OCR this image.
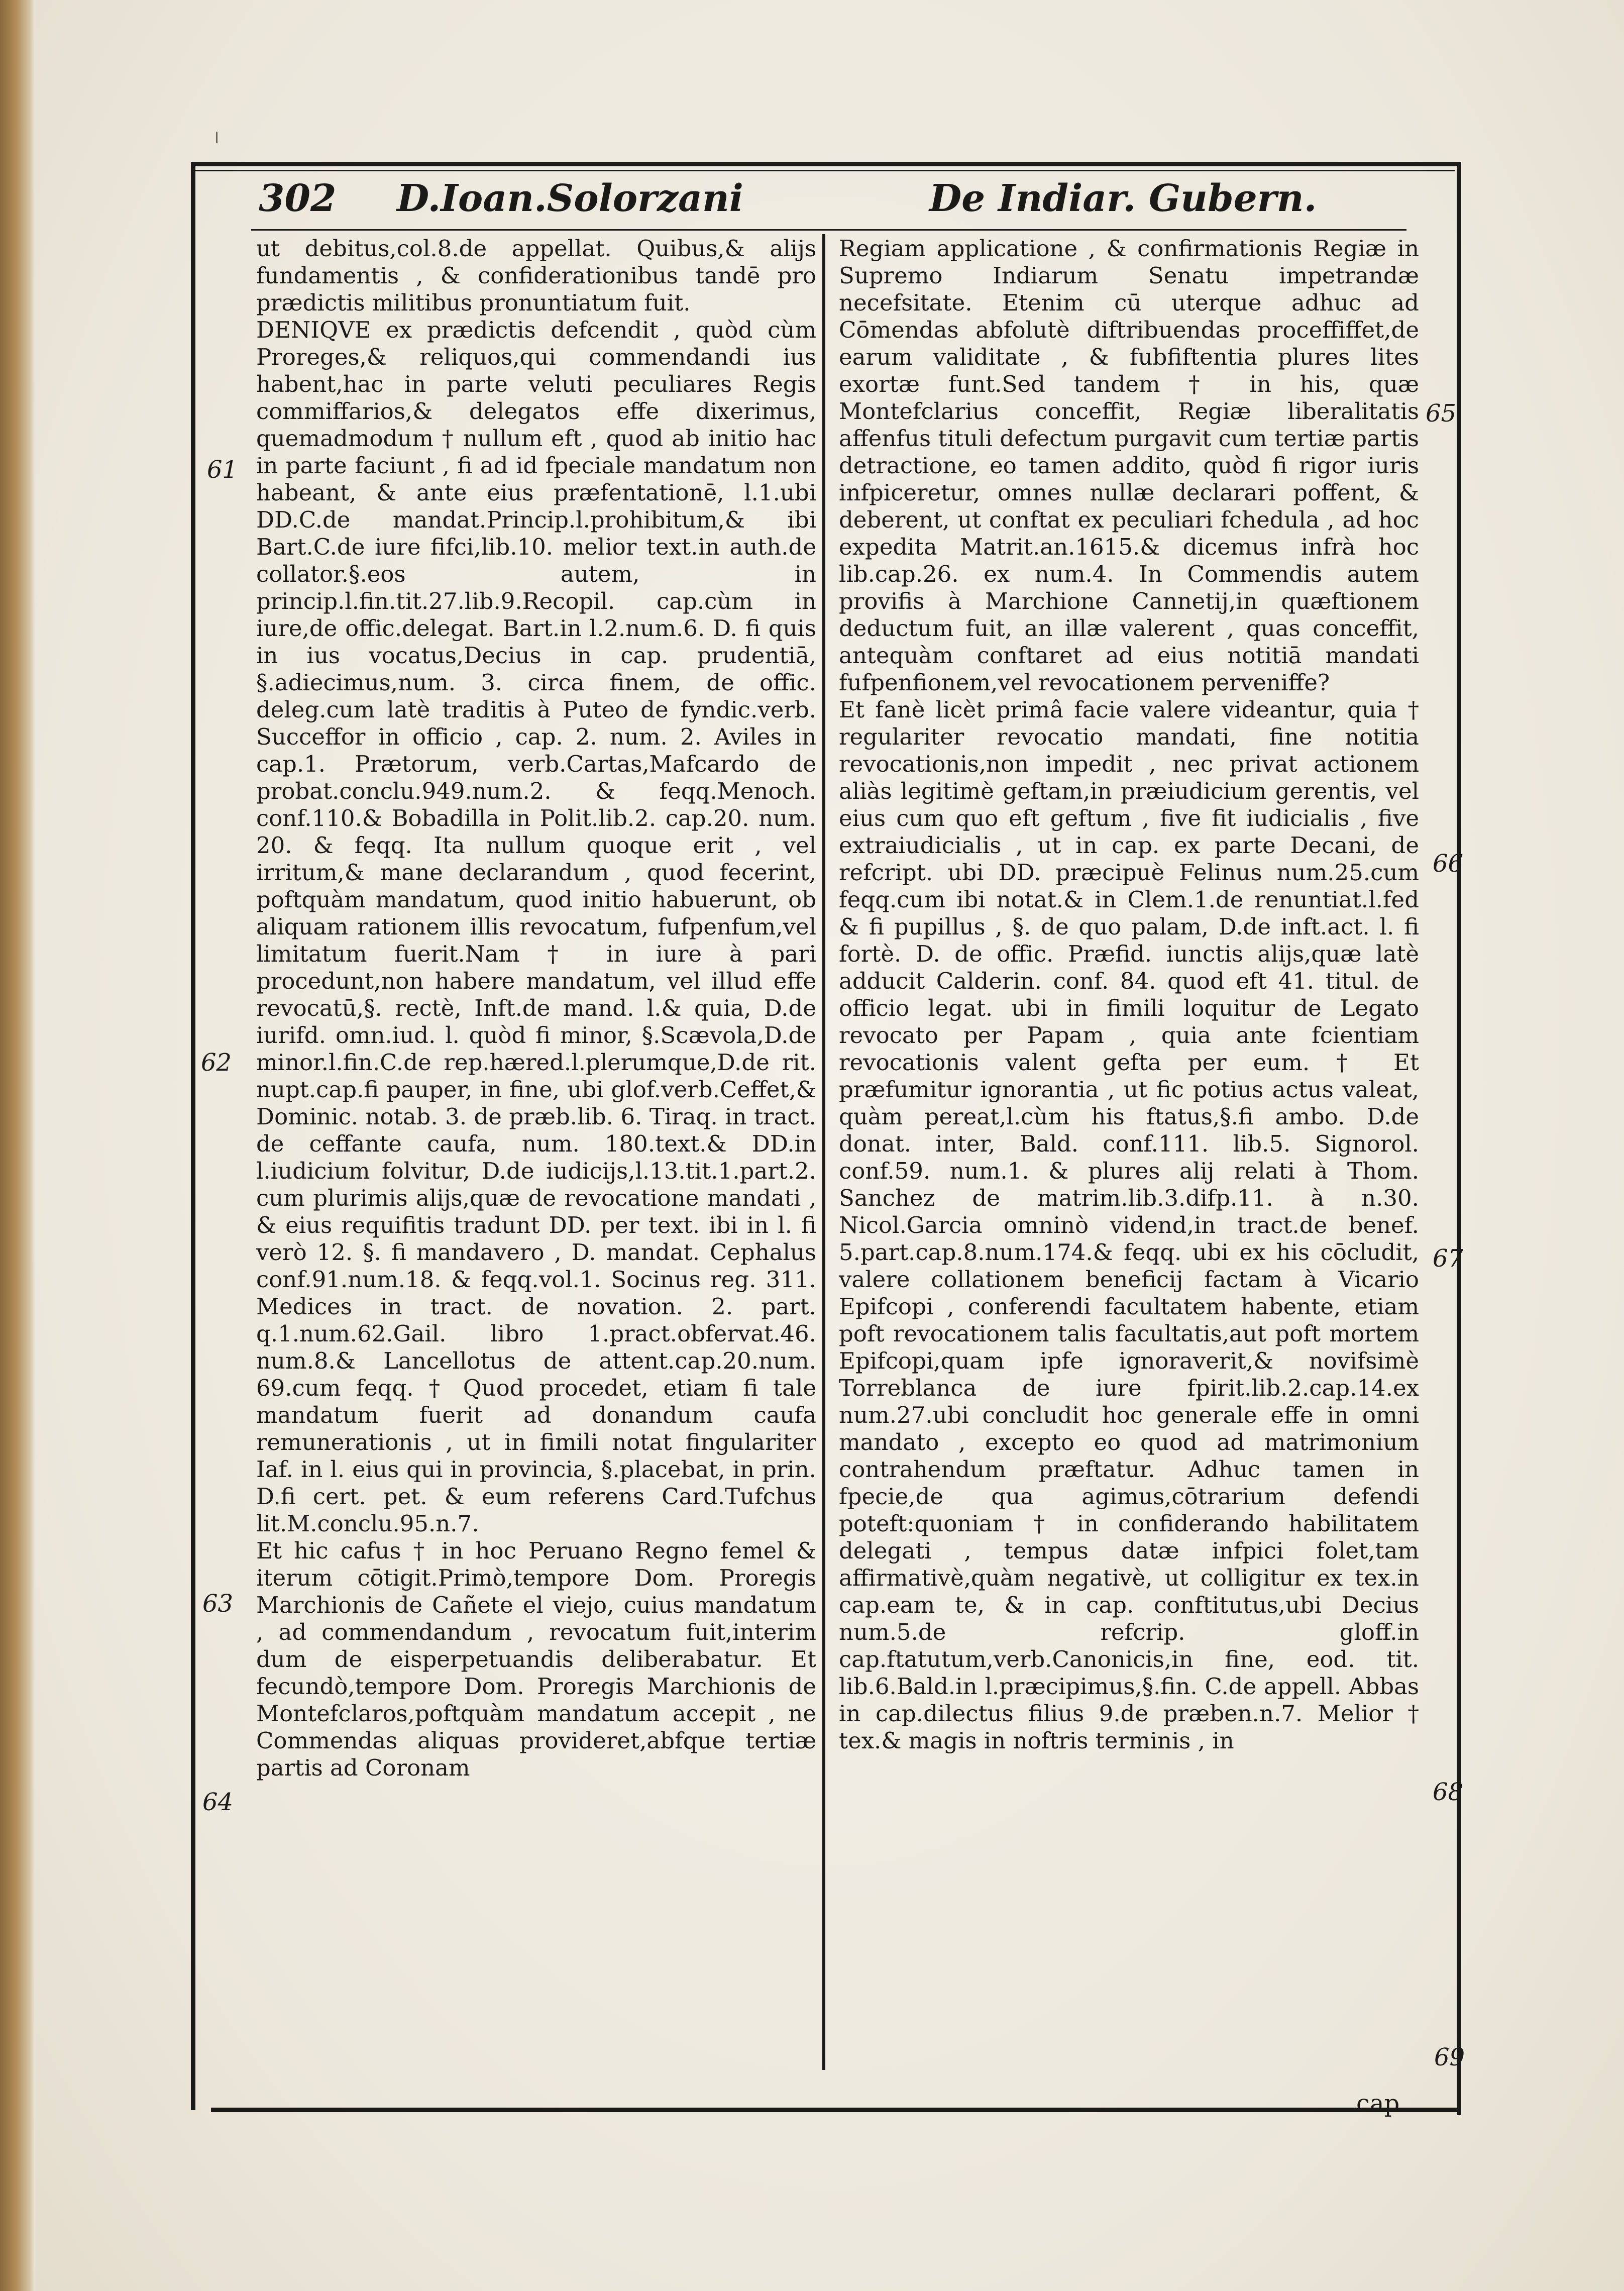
302 D.Ioan.Solorzani	De Indiar. Gubern.

ut debitus,col.8.de appellat. Quibus,& alijs fundamentis , & confiderationibus tandē pro prædictis militibus pronuntiatum fuit.

DENIQVE ex prædictis defcendit , quòd cùm Proreges,& reliquos,qui commendandi ius habent,hac in parte veluti peculiares Regis commiffarios,& delegatos effe dixerimus, quemadmodum † nullum eft , quod ab initio hac in parte faciunt , fi ad id fpeciale mandatum non habeant, & ante eius præfentationē, l.1.ubi DD.C.de mandat.Princip.l.prohibitum,& ibi Bart.C.de iure fifci,lib.10. melior text.in auth.de collator.§.eos autem, in princip.l.fin.tit.27.lib.9.Recopil. cap.cùm in iure,de offic.delegat. Bart.in l.2.num.6. D. fi quis in ius vocatus,Decius in cap. prudentiā, §.adiecimus,num. 3. circa finem, de offic. deleg.cum latè traditis à Puteo de fyndic.verb. Succeffor in officio , cap. 2. num. 2. Aviles in cap.1. Prætorum, verb.Cartas,Mafcardo de probat.conclu.949.num.2. & feqq.Menoch. conf.110.& Bobadilla in Polit.lib.2. cap.20. num. 20. & feqq. Ita nullum quoque erit , vel irritum,& mane declarandum , quod fecerint, poftquàm mandatum, quod initio habuerunt, ob aliquam rationem illis revocatum, fufpenfum,vel limitatum fuerit.Nam † in iure à pari procedunt,non habere mandatum, vel illud effe revocatū,§. rectè, Inft.de mand. l.& quia, D.de iurifd. omn.iud. l. quòd fi minor, §.Scævola,D.de minor.l.fin.C.de rep.hæred.l.plerumque,D.de rit. nupt.cap.fi pauper, in fine, ubi glof.verb.Ceffet,& Dominic. notab. 3. de præb.lib. 6. Tiraq. in tract. de ceffante caufa, num. 180.text.& DD.in l.iudicium folvitur, D.de iudicijs,l.13.tit.1.part.2. cum plurimis alijs,quæ de revocatione mandati , & eius requifitis tradunt DD. per text. ibi in l. fi verò 12. §. fi mandavero , D. mandat. Cephalus conf.91.num.18. & feqq.vol.1. Socinus reg. 311. Medices in tract. de novation. 2. part. q.1.num.62.Gail. libro 1.pract.obfervat.46. num.8.& Lancellotus de attent.cap.20.num. 69.cum feqq. † Quod procedet, etiam fi tale mandatum fuerit ad donandum caufa remunerationis , ut in fimili notat fingulariter Iaf. in l. eius qui in provincia, §.placebat, in prin. D.fi cert. pet. & eum referens Card.Tufchus lit.M.conclu.95.n.7.

Et hic cafus † in hoc Peruano Regno femel & iterum cōtigit.Primò,tempore Dom. Proregis Marchionis de Cañete el viejo, cuius mandatum , ad commendandum , revocatum fuit,interim dum de eisperpetuandis deliberabatur. Et fecundò,tempore Dom. Proregis Marchionis de Montefclaros,poftquàm mandatum accepit , ne Commendas aliquas provideret,abfque tertiæ partis ad Coronam

Regiam applicatione , & confirmationis Regiæ in Supremo Indiarum Senatu impetrandæ necefsitate. Etenim cū uterque adhuc ad Cōmendas abfolutè diftribuendas proceffiffet,de earum validitate , & fubfiftentia plures lites exortæ funt.Sed tandem † in his, quæ Montefclarius conceffit, Regiæ liberalitatis affenfus tituli defectum purgavit cum tertiæ partis detractione, eo tamen addito, quòd fi rigor iuris infpiceretur, omnes nullæ declarari poffent, & deberent, ut conftat ex peculiari fchedula , ad hoc expedita Matrit.an.1615.& dicemus infrà hoc lib.cap.26. ex num.4. In Commendis autem provifis à Marchione Cannetij,in quæftionem deductum fuit, an illæ valerent , quas conceffit, antequàm conftaret ad eius notitiā mandati fufpenfionem,vel revocationem perveniffe?

Et fanè licèt primâ facie valere videantur, quia † regulariter revocatio mandati, fine notitia revocationis,non impedit , nec privat actionem aliàs legitimè geftam,in præiudicium gerentis, vel eius cum quo eft geftum , five fit iudicialis , five extraiudicialis , ut in cap. ex parte Decani, de refcript. ubi DD. præcipuè Felinus num.25.cum feqq.cum ibi notat.& in Clem.1.de renuntiat.l.fed & fi pupillus , §. de quo palam, D.de inft.act. l. fi fortè. D. de offic. Præfid. iunctis alijs,quæ latè adducit Calderin. conf. 84. quod eft 41. titul. de officio legat. ubi in fimili loquitur de Legato revocato per Papam , quia ante fcientiam revocationis valent gefta per eum. † Et præfumitur ignorantia , ut fic potius actus valeat, quàm pereat,l.cùm his ftatus,§.fi ambo. D.de donat. inter, Bald. conf.111. lib.5. Signorol. conf.59. num.1. & plures alij relati à Thom. Sanchez de matrim.lib.3.difp.11. à n.30. Nicol.Garcia omninò vidend,in tract.de benef. 5.part.cap.8.num.174.& feqq. ubi ex his cōcludit, valere collationem beneficij factam à Vicario Epifcopi , conferendi facultatem habente, etiam poft revocationem talis facultatis,aut poft mortem Epifcopi,quam ipfe ignoraverit,& novifsimè Torreblanca de iure fpirit.lib.2.cap.14.ex num.27.ubi concludit hoc generale effe in omni mandato , excepto eo quod ad matrimonium contrahendum præftatur. Adhuc tamen in fpecie,de qua agimus,cōtrarium defendi poteft:quoniam † in confiderando habilitatem delegati , tempus datæ infpici folet,tam affirmativè,quàm negativè, ut colligitur ex tex.in cap.eam te, & in cap. conftitutus,ubi Decius num.5.de refcrip. gloff.in cap.ftatutum,verb.Canonicis,in fine, eod. tit. lib.6.Bald.in l.præcipimus,§.fin. C.de appell. Abbas in cap.dilectus filius 9.de præben.n.7. Melior † tex.& magis in noftris terminis , in

61
62
63
64
65
66
67
68
69
cap.
